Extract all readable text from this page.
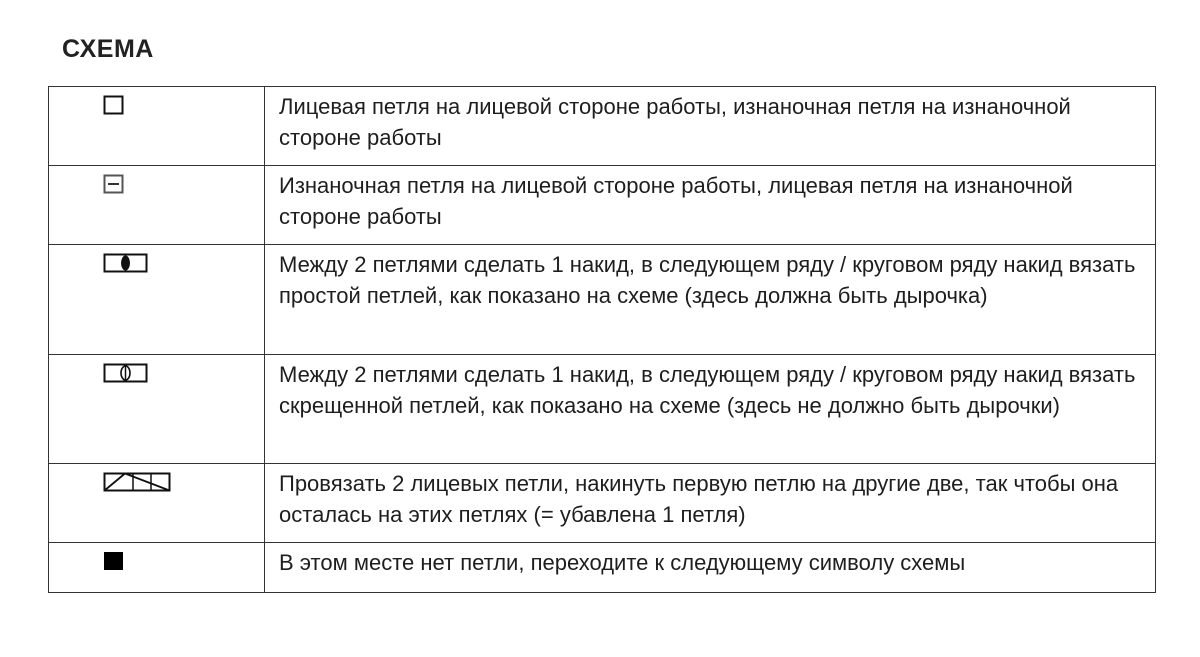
СХЕМА
	Лицевая петля на лицевой стороне работы, изнаночная петля на изнаночной стороне работы

	Изнаночная петля на лицевой стороне работы, лицевая петля на изнаночной стороне работы

	Между 2 петлями сделать 1 накид, в следующем ряду / круговом ряду накид вязать простой петлей, как показано на схеме (здесь должна быть дырочка)

	Между 2 петлями сделать 1 накид, в следующем ряду / круговом ряду накид вязать скрещенной петлей, как показано на схеме (здесь не должно быть дырочки)

	Провязать 2 лицевых петли, накинуть первую петлю на другие две, так чтобы она осталась на этих петлях (= убавлена 1 петля)

	В этом месте нет петли, переходите к следующему символу схемы
